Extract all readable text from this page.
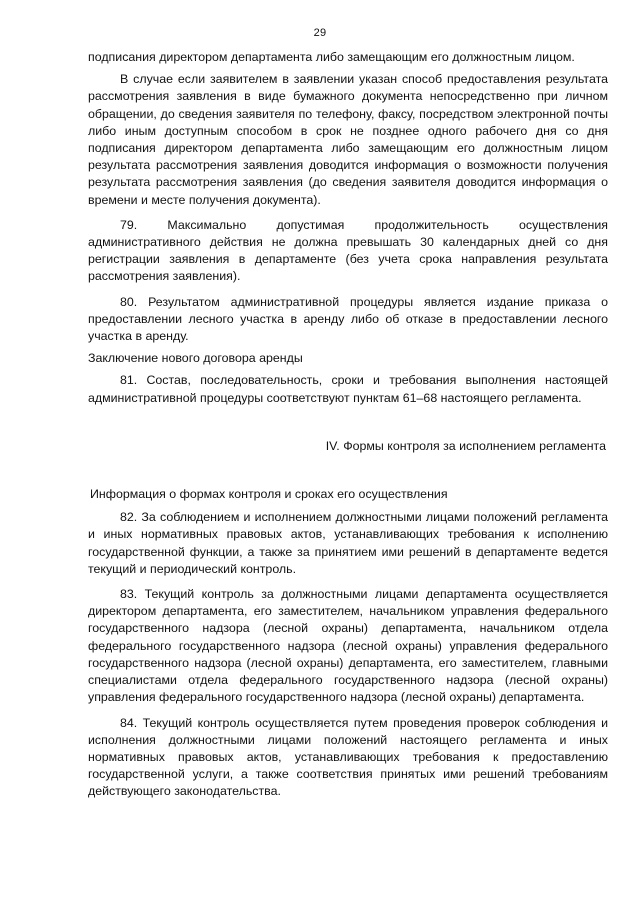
29

подписания директором департамента либо замещающим его должностным лицом.

В случае если заявителем в заявлении указан способ предоставления результата рассмотрения заявления в виде бумажного документа непосредственно при личном обращении, до сведения заявителя по телефону, факсу, посредством электронной почты либо иным доступным способом в срок не позднее одного рабочего дня со дня подписания директором департамента либо замещающим его должностным лицом результата рассмотрения заявления доводится информация о возможности получения результата рассмотрения заявления (до сведения заявителя доводится информация о времени и месте получения документа).

79. Максимально допустимая продолжительность осуществления административного действия не должна превышать 30 календарных дней со дня регистрации заявления в департаменте (без учета срока направления результата рассмотрения заявления).

80. Результатом административной процедуры является издание приказа о предоставлении лесного участка в аренду либо об отказе в предоставлении лесного участка в аренду.

Заключение нового договора аренды

81. Состав, последовательность, сроки и требования выполнения настоящей административной процедуры соответствуют пунктам 61–68 настоящего регламента.

IV. Формы контроля за исполнением регламента

Информация о формах контроля и сроках его осуществления

82. За соблюдением и исполнением должностными лицами положений регламента и иных нормативных правовых актов, устанавливающих требования к исполнению государственной функции, а также за принятием ими решений в департаменте ведется текущий и периодический контроль.

83. Текущий контроль за должностными лицами департамента осуществляется директором департамента, его заместителем, начальником управления федерального государственного надзора (лесной охраны) департамента, начальником отдела федерального государственного надзора (лесной охраны) управления федерального государственного надзора (лесной охраны) департамента, его заместителем, главными специалистами отдела федерального государственного надзора (лесной охраны) управления федерального государственного надзора (лесной охраны) департамента.

84. Текущий контроль осуществляется путем проведения проверок соблюдения и исполнения должностными лицами положений настоящего регламента и иных нормативных правовых актов, устанавливающих требования к предоставлению государственной услуги, а также соответствия принятых ими решений требованиям действующего законодательства.
